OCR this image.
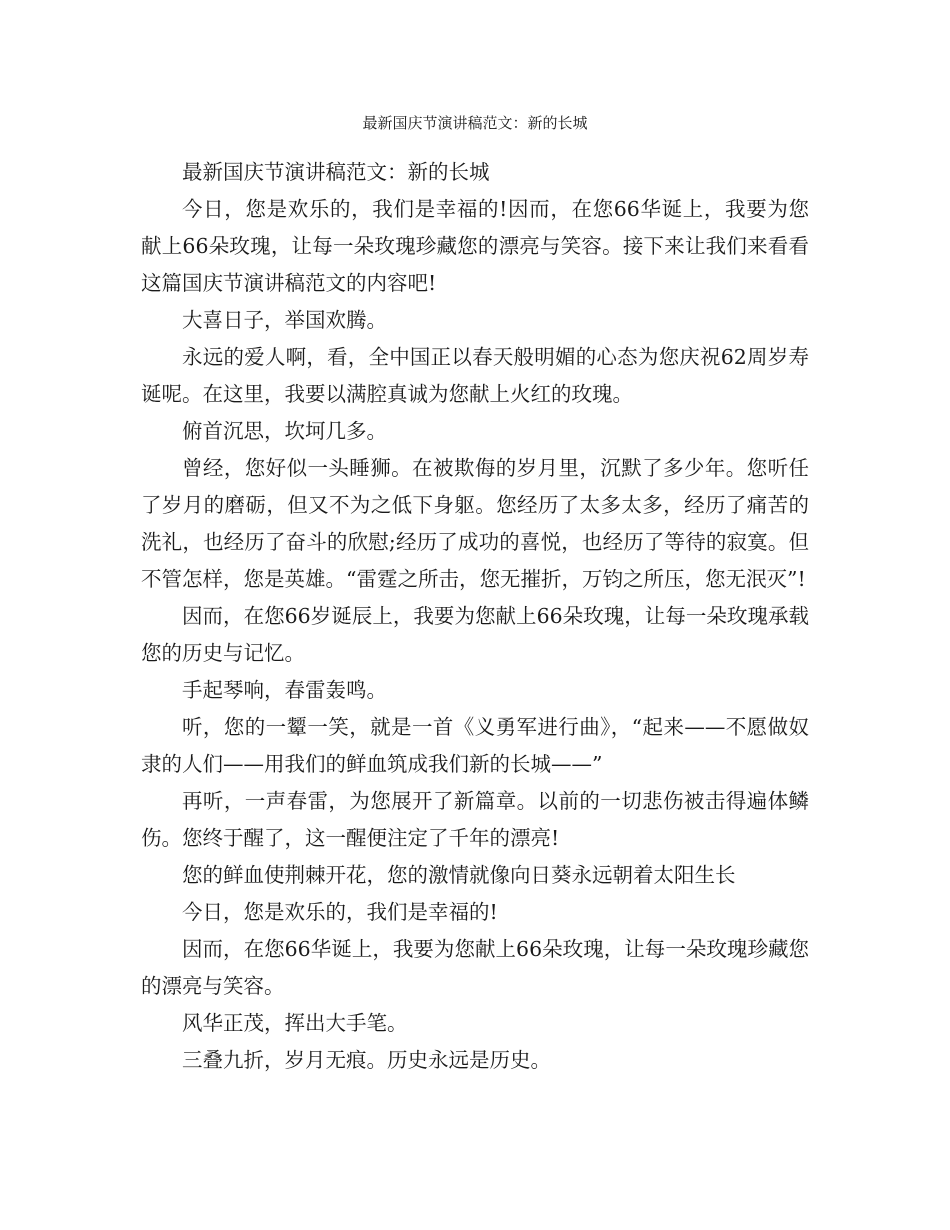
最新国庆节演讲稿范文：新的长城

最新国庆节演讲稿范文：新的长城

今日，您是欢乐的，我们是幸福的!因而，在您66华诞上，我要为您献上66朵玫瑰，让每一朵玫瑰珍藏您的漂亮与笑容。接下来让我们来看看这篇国庆节演讲稿范文的内容吧!

大喜日子，举国欢腾。

永远的爱人啊，看，全中国正以春天般明媚的心态为您庆祝62周岁寿诞呢。在这里，我要以满腔真诚为您献上火红的玫瑰。

俯首沉思，坎坷几多。

曾经，您好似一头睡狮。在被欺侮的岁月里，沉默了多少年。您听任了岁月的磨砺，但又不为之低下身躯。您经历了太多太多，经历了痛苦的洗礼，也经历了奋斗的欣慰;经历了成功的喜悦，也经历了等待的寂寞。但不管怎样，您是英雄。“雷霆之所击，您无摧折，万钧之所压，您无泯灭”!

因而，在您66岁诞辰上，我要为您献上66朵玫瑰，让每一朵玫瑰承载您的历史与记忆。

手起琴响，春雷轰鸣。

听，您的一颦一笑，就是一首《义勇军进行曲》，“起来——不愿做奴隶的人们——用我们的鲜血筑成我们新的长城——”

再听，一声春雷，为您展开了新篇章。以前的一切悲伤被击得遍体鳞伤。您终于醒了，这一醒便注定了千年的漂亮!

您的鲜血使荆棘开花，您的激情就像向日葵永远朝着太阳生长

今日，您是欢乐的，我们是幸福的!

因而，在您66华诞上，我要为您献上66朵玫瑰，让每一朵玫瑰珍藏您的漂亮与笑容。

风华正茂，挥出大手笔。

三叠九折，岁月无痕。历史永远是历史。
